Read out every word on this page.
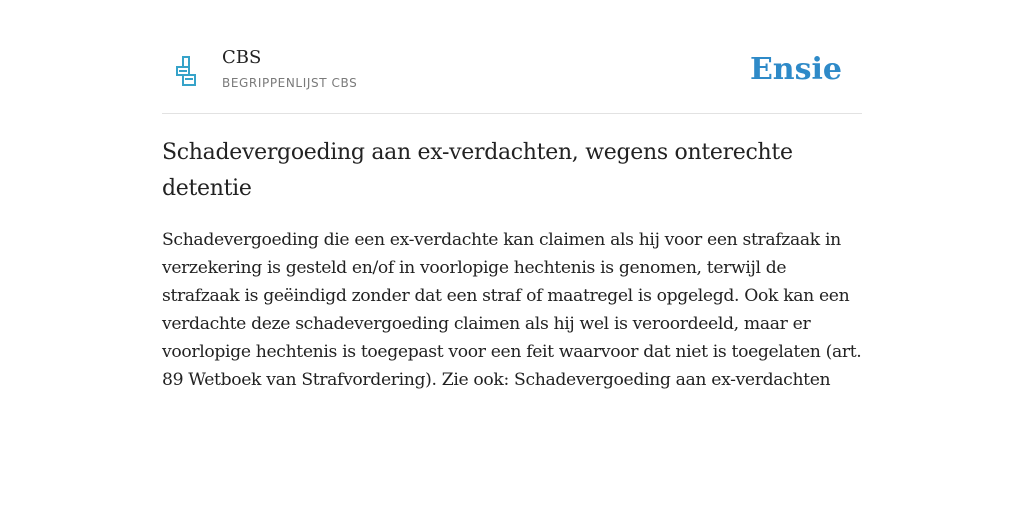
CBS
BEGRIPPENLIJST CBS	Ensie
Schadevergoeding aan ex-verdachten, wegens onterechte detentie

Schadevergoeding die een ex-verdachte kan claimen als hij voor een strafzaak in verzekering is gesteld en/of in voorlopige hechtenis is genomen, terwijl de strafzaak is geëindigd zonder dat een straf of maatregel is opgelegd. Ook kan een verdachte deze schadevergoeding claimen als hij wel is veroordeeld, maar er voorlopige hechtenis is toegepast voor een feit waarvoor dat niet is toegelaten (art. 89 Wetboek van Strafvordering). Zie ook: Schadevergoeding aan ex-verdachten
